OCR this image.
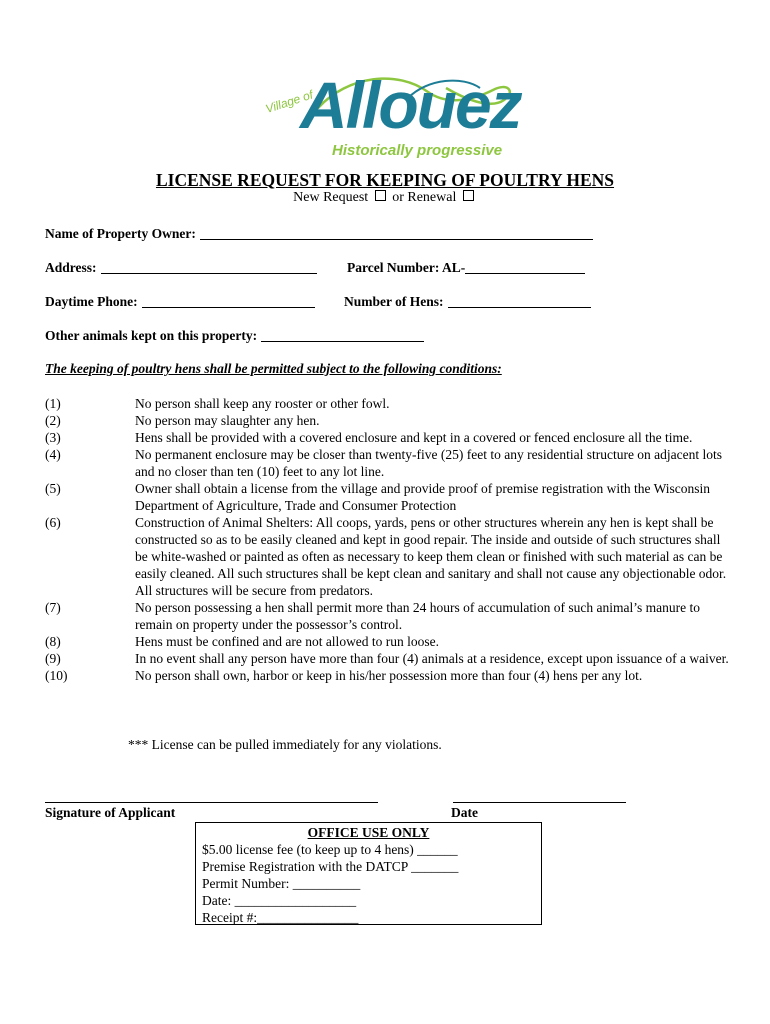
Village of
Allouez
Historically progressive
LICENSE REQUEST FOR KEEPING OF POULTRY HENS
New Request or Renewal
Name of Property Owner:
Address:	Parcel Number: AL-
Daytime Phone:	Number of Hens:
Other animals kept on this property:
The keeping of poultry hens shall be permitted subject to the following conditions:
(1)	No person shall keep any rooster or other fowl.
(2)	No person may slaughter any hen.
(3)	Hens shall be provided with a covered enclosure and kept in a covered or fenced enclosure all the time.
(4)	No permanent enclosure may be closer than twenty-five (25) feet to any residential structure on adjacent lots and no closer than ten (10) feet to any lot line.
(5)	Owner shall obtain a license from the village and provide proof of premise registration with the Wisconsin Department of Agriculture, Trade and Consumer Protection
(6)	Construction of Animal Shelters: All coops, yards, pens or other structures wherein any hen is kept shall be constructed so as to be easily cleaned and kept in good repair. The inside and outside of such structures shall be white-washed or painted as often as necessary to keep them clean or finished with such material as can be easily cleaned. All such structures shall be kept clean and sanitary and shall not cause any objectionable odor. All structures will be secure from predators.
(7)	No person possessing a hen shall permit more than 24 hours of accumulation of such animal’s manure to remain on property under the possessor’s control.
(8)	Hens must be confined and are not allowed to run loose.
(9)	In no event shall any person have more than four (4) animals at a residence, except upon issuance of a waiver.
(10)	No person shall own, harbor or keep in his/her possession more than four (4) hens per any lot.
*** License can be pulled immediately for any violations.
Signature of Applicant	Date
OFFICE USE ONLY
$5.00 license fee (to keep up to 4 hens) ______
Premise Registration with the DATCP _______
Permit Number: __________
Date: __________________
Receipt #:_______________
